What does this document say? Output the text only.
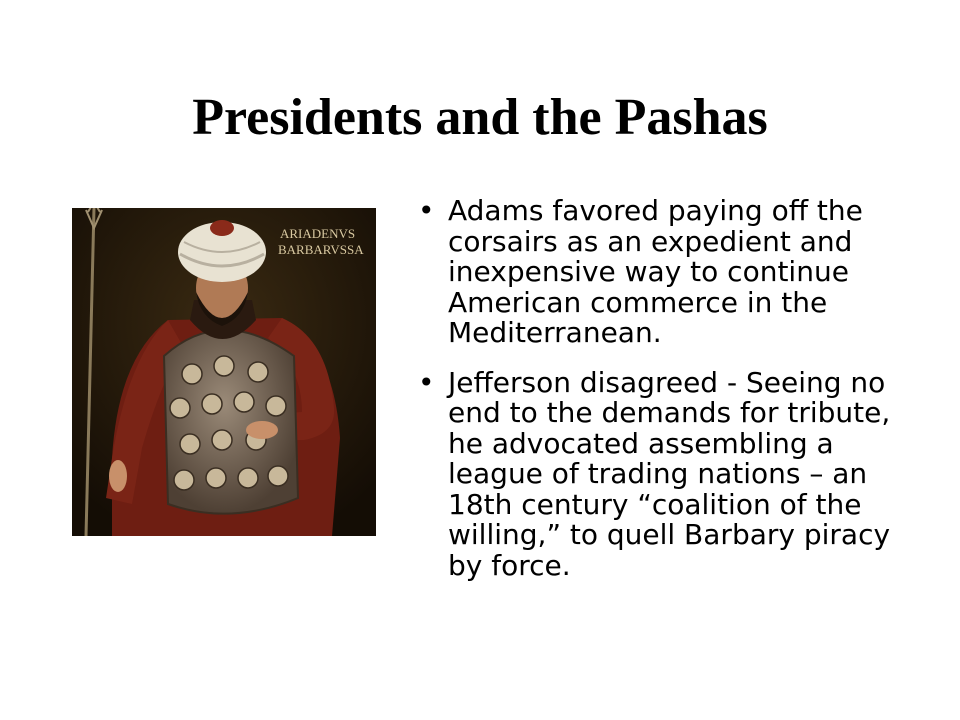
Presidents and the Pashas
ARIADENVS
BARBARVSSA
• Adams favored paying off the corsairs as an expedient and inexpensive way to continue American commerce in the Mediterranean.
• Jefferson disagreed - Seeing no end to the demands for tribute, he advocated assembling a league of trading nations – an 18th century “coalition of the willing,” to quell Barbary piracy by force.
